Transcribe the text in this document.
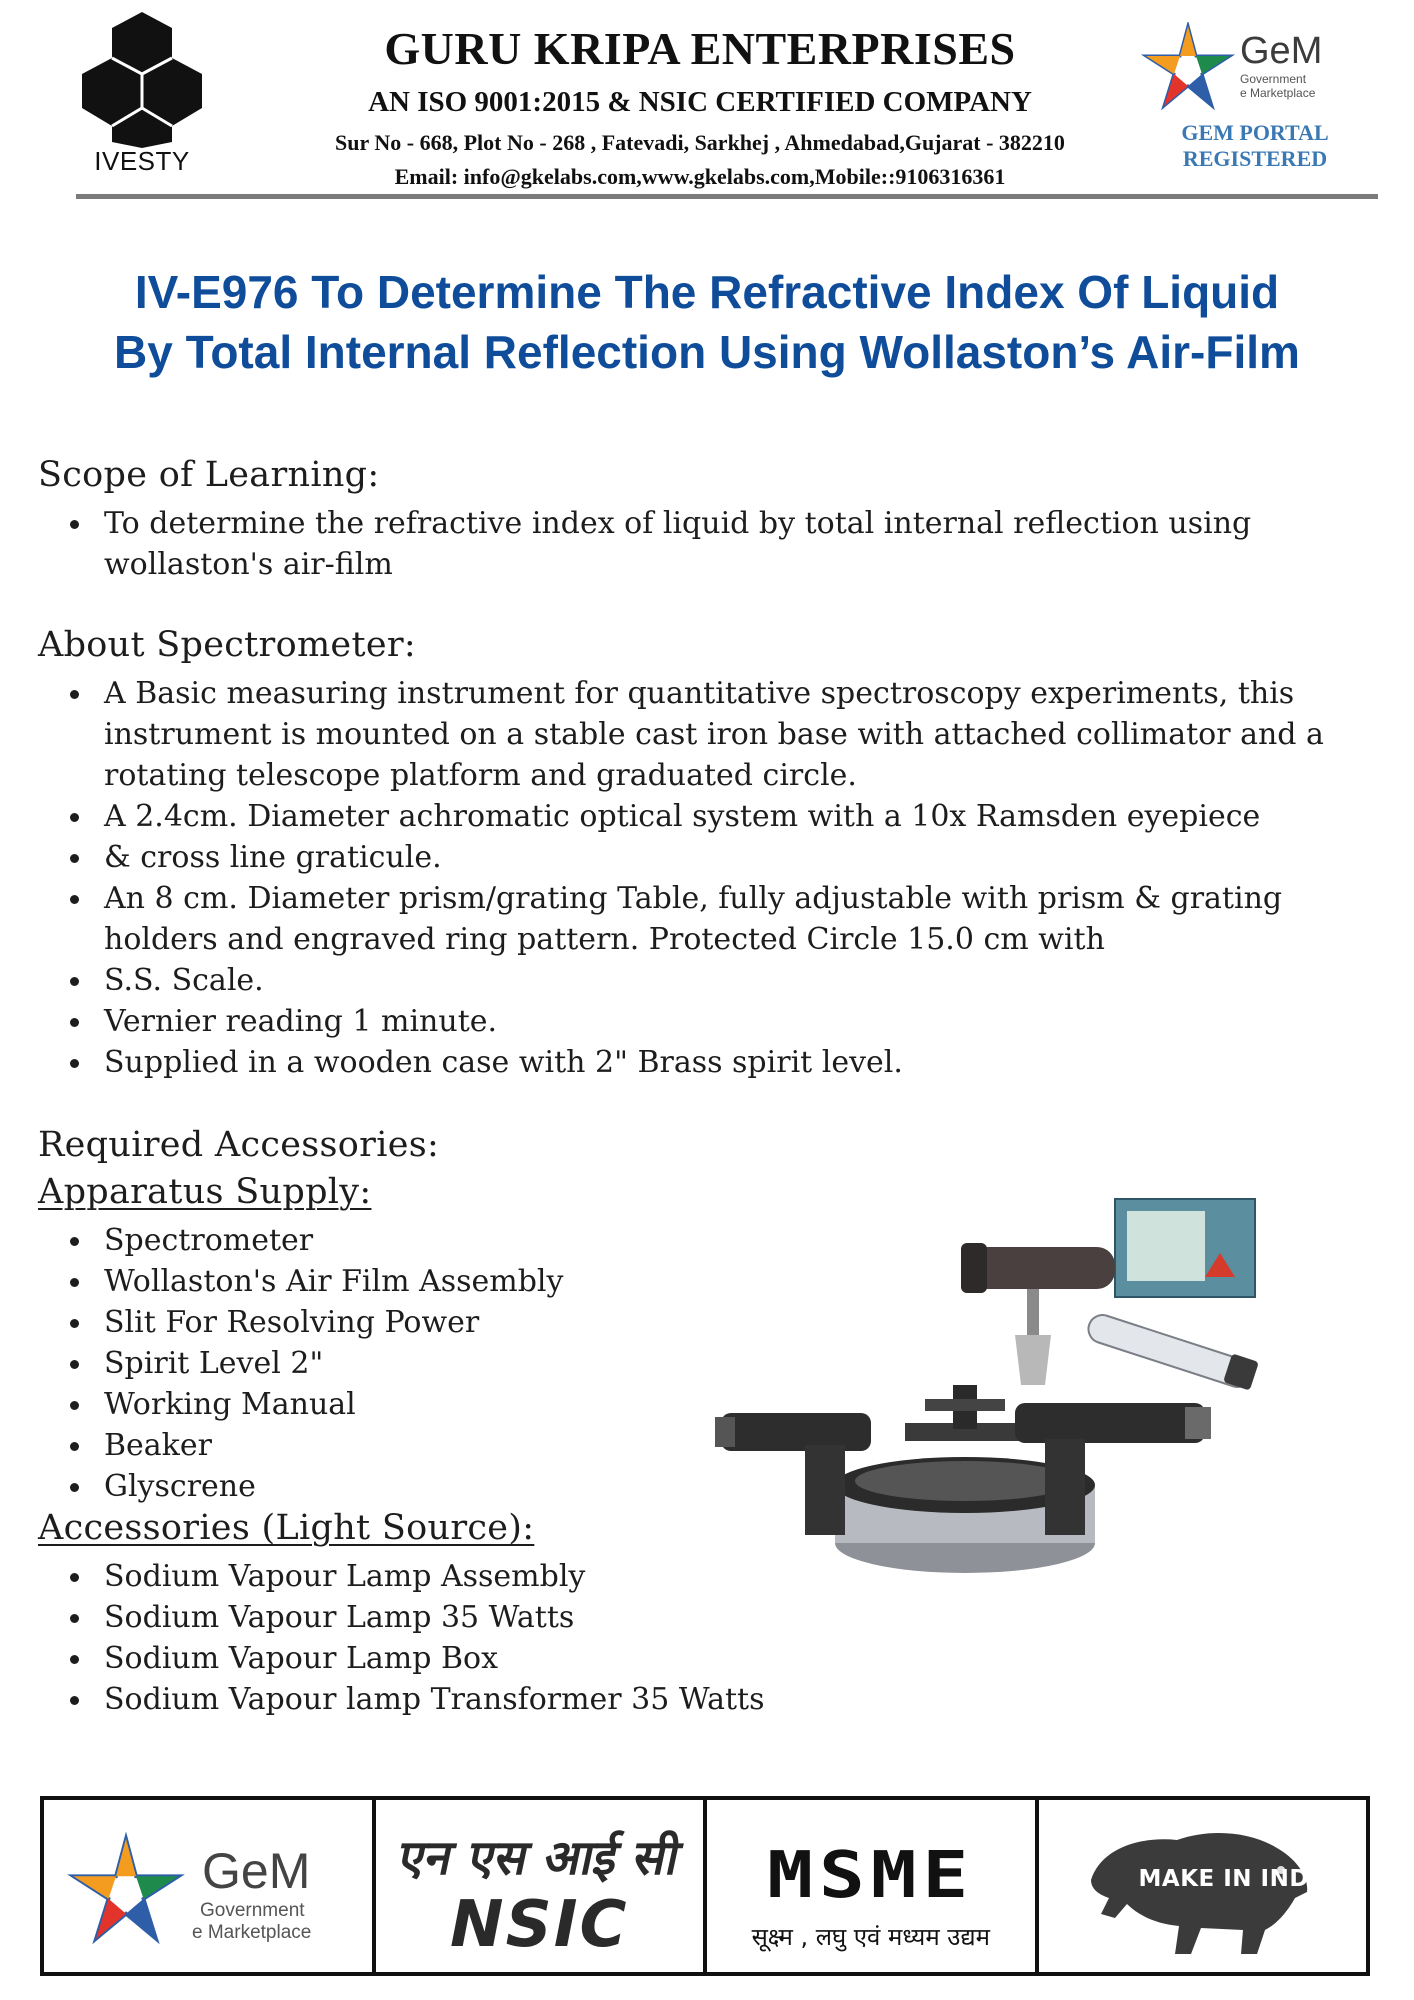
IVESTY
GURU KRIPA ENTERPRISES
AN ISO 9001:2015 & NSIC CERTIFIED COMPANY
Sur No - 668, Plot No - 268 , Fatevadi, Sarkhej , Ahmedabad,Gujarat - 382210
Email: info@gkelabs.com,www.gkelabs.com,Mobile::9106316361
GeM
Government
e Marketplace
GEM PORTAL
REGISTERED
IV-E976 To Determine The Refractive Index Of Liquid
By Total Internal Reflection Using Wollaston’s Air-Film
Scope of Learning:
To determine the refractive index of liquid by total internal reflection using wollaston's air-film
About Spectrometer:
A Basic measuring instrument for quantitative spectroscopy experiments, this instrument is mounted on a stable cast iron base with attached collimator and a rotating telescope platform and graduated circle.
A 2.4cm. Diameter achromatic optical system with a 10x Ramsden eyepiece
& cross line graticule.
An 8 cm. Diameter prism/grating Table, fully adjustable with prism & grating holders and engraved ring pattern. Protected Circle 15.0 cm with
S.S. Scale.
Vernier reading 1 minute.
Supplied in a wooden case with 2" Brass spirit level.
Required Accessories:
Apparatus Supply:
Spectrometer
Wollaston's Air Film Assembly
Slit For Resolving Power
Spirit Level 2"
Working Manual
Beaker
Glyscrene
Accessories (Light Source):
Sodium Vapour Lamp Assembly
Sodium Vapour Lamp 35 Watts
Sodium Vapour Lamp Box
Sodium Vapour lamp Transformer 35 Watts
GeM
Government
e Marketplace
एन एस आई सी
NSIC
MSME
सूक्ष्म , लघु एवं मध्यम उद्यम
MAKE IN INDIA
